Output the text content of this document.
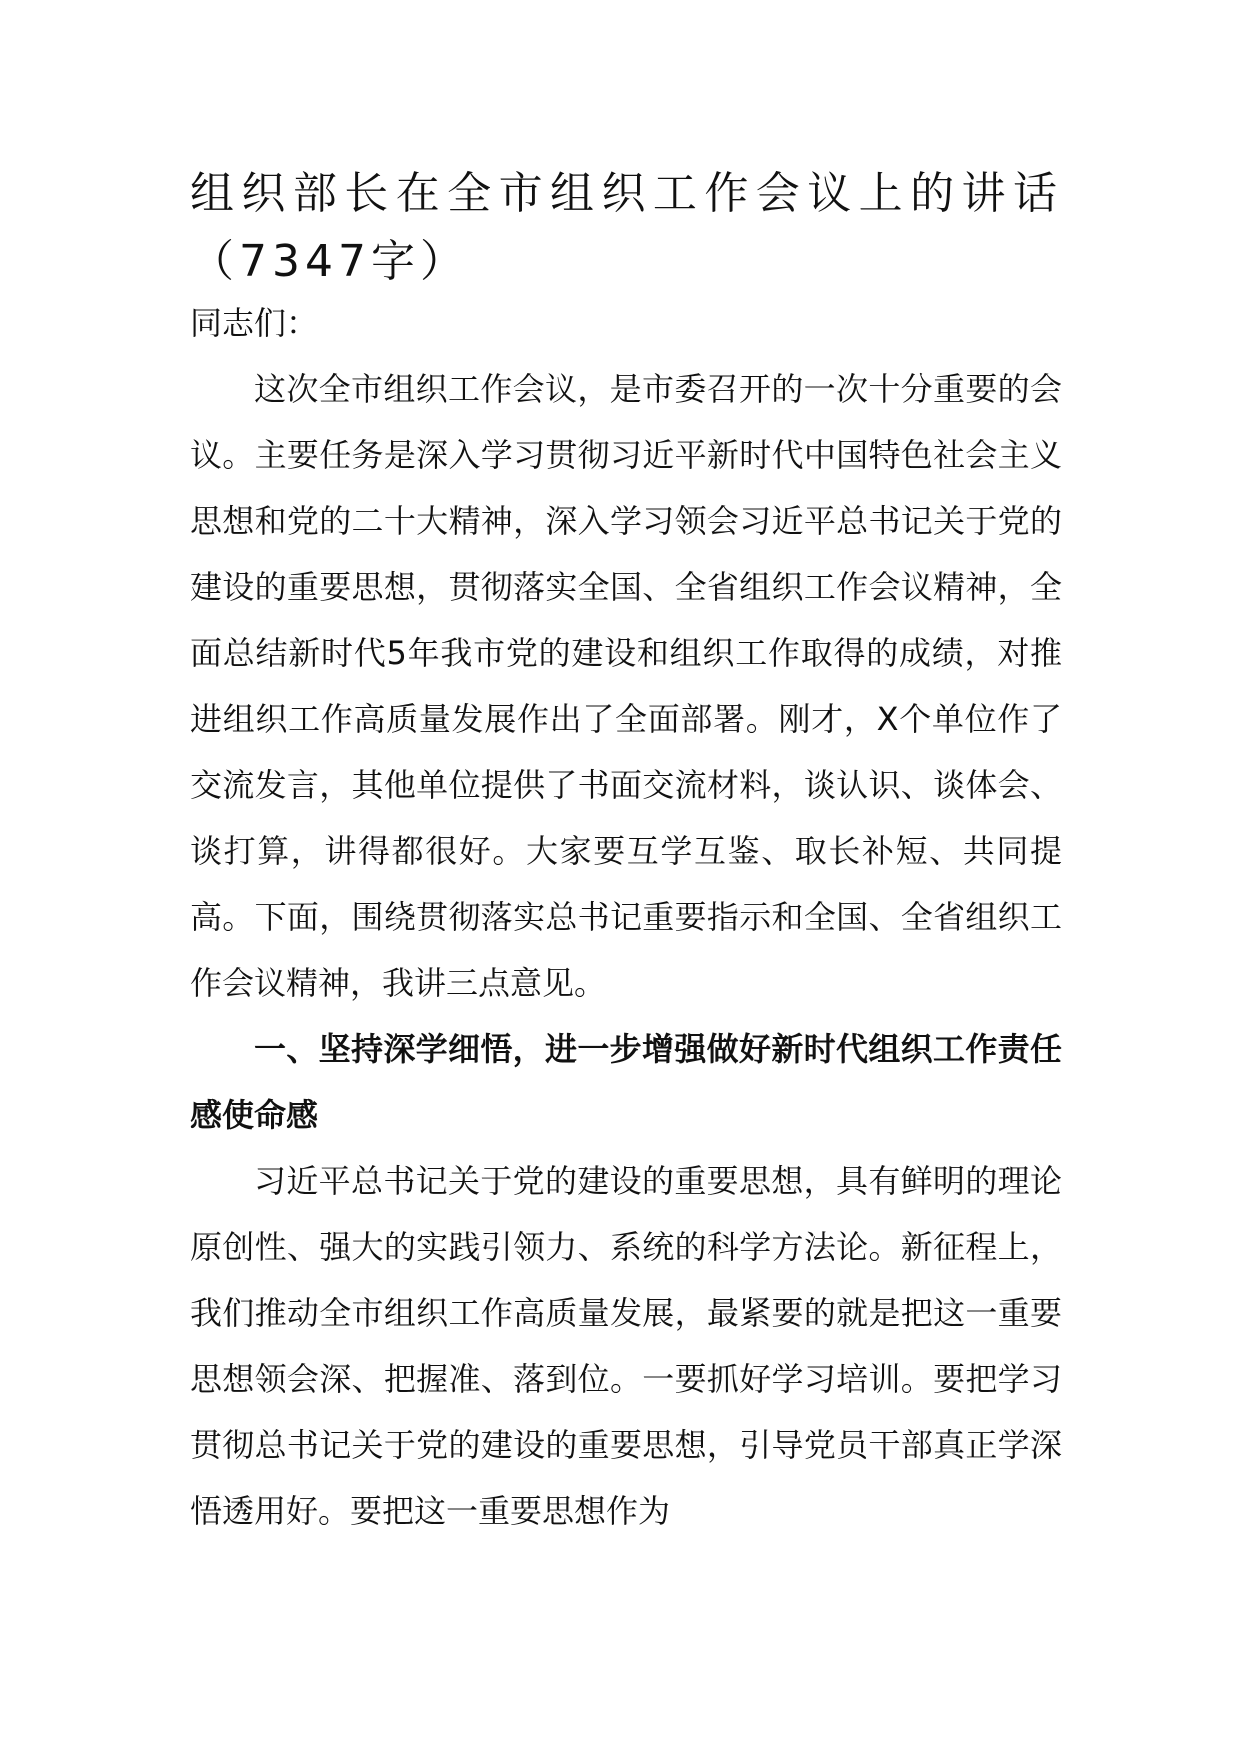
组织部长在全市组织工作会议上的讲话（7347字）

同志们：

这次全市组织工作会议，是市委召开的一次十分重要的会议。主要任务是深入学习贯彻习近平新时代中国特色社会主义思想和党的二十大精神，深入学习领会习近平总书记关于党的建设的重要思想，贯彻落实全国、全省组织工作会议精神，全面总结新时代5年我市党的建设和组织工作取得的成绩，对推进组织工作高质量发展作出了全面部署。刚才，X个单位作了交流发言，其他单位提供了书面交流材料，谈认识、谈体会、谈打算，讲得都很好。大家要互学互鉴、取长补短、共同提高。下面，围绕贯彻落实总书记重要指示和全国、全省组织工作会议精神，我讲三点意见。

一、坚持深学细悟，进一步增强做好新时代组织工作责任感使命感

习近平总书记关于党的建设的重要思想，具有鲜明的理论原创性、强大的实践引领力、系统的科学方法论。新征程上，我们推动全市组织工作高质量发展，最紧要的就是把这一重要思想领会深、把握准、落到位。一要抓好学习培训。要把学习贯彻总书记关于党的建设的重要思想，引导党员干部真正学深悟透用好。要把这一重要思想作为
